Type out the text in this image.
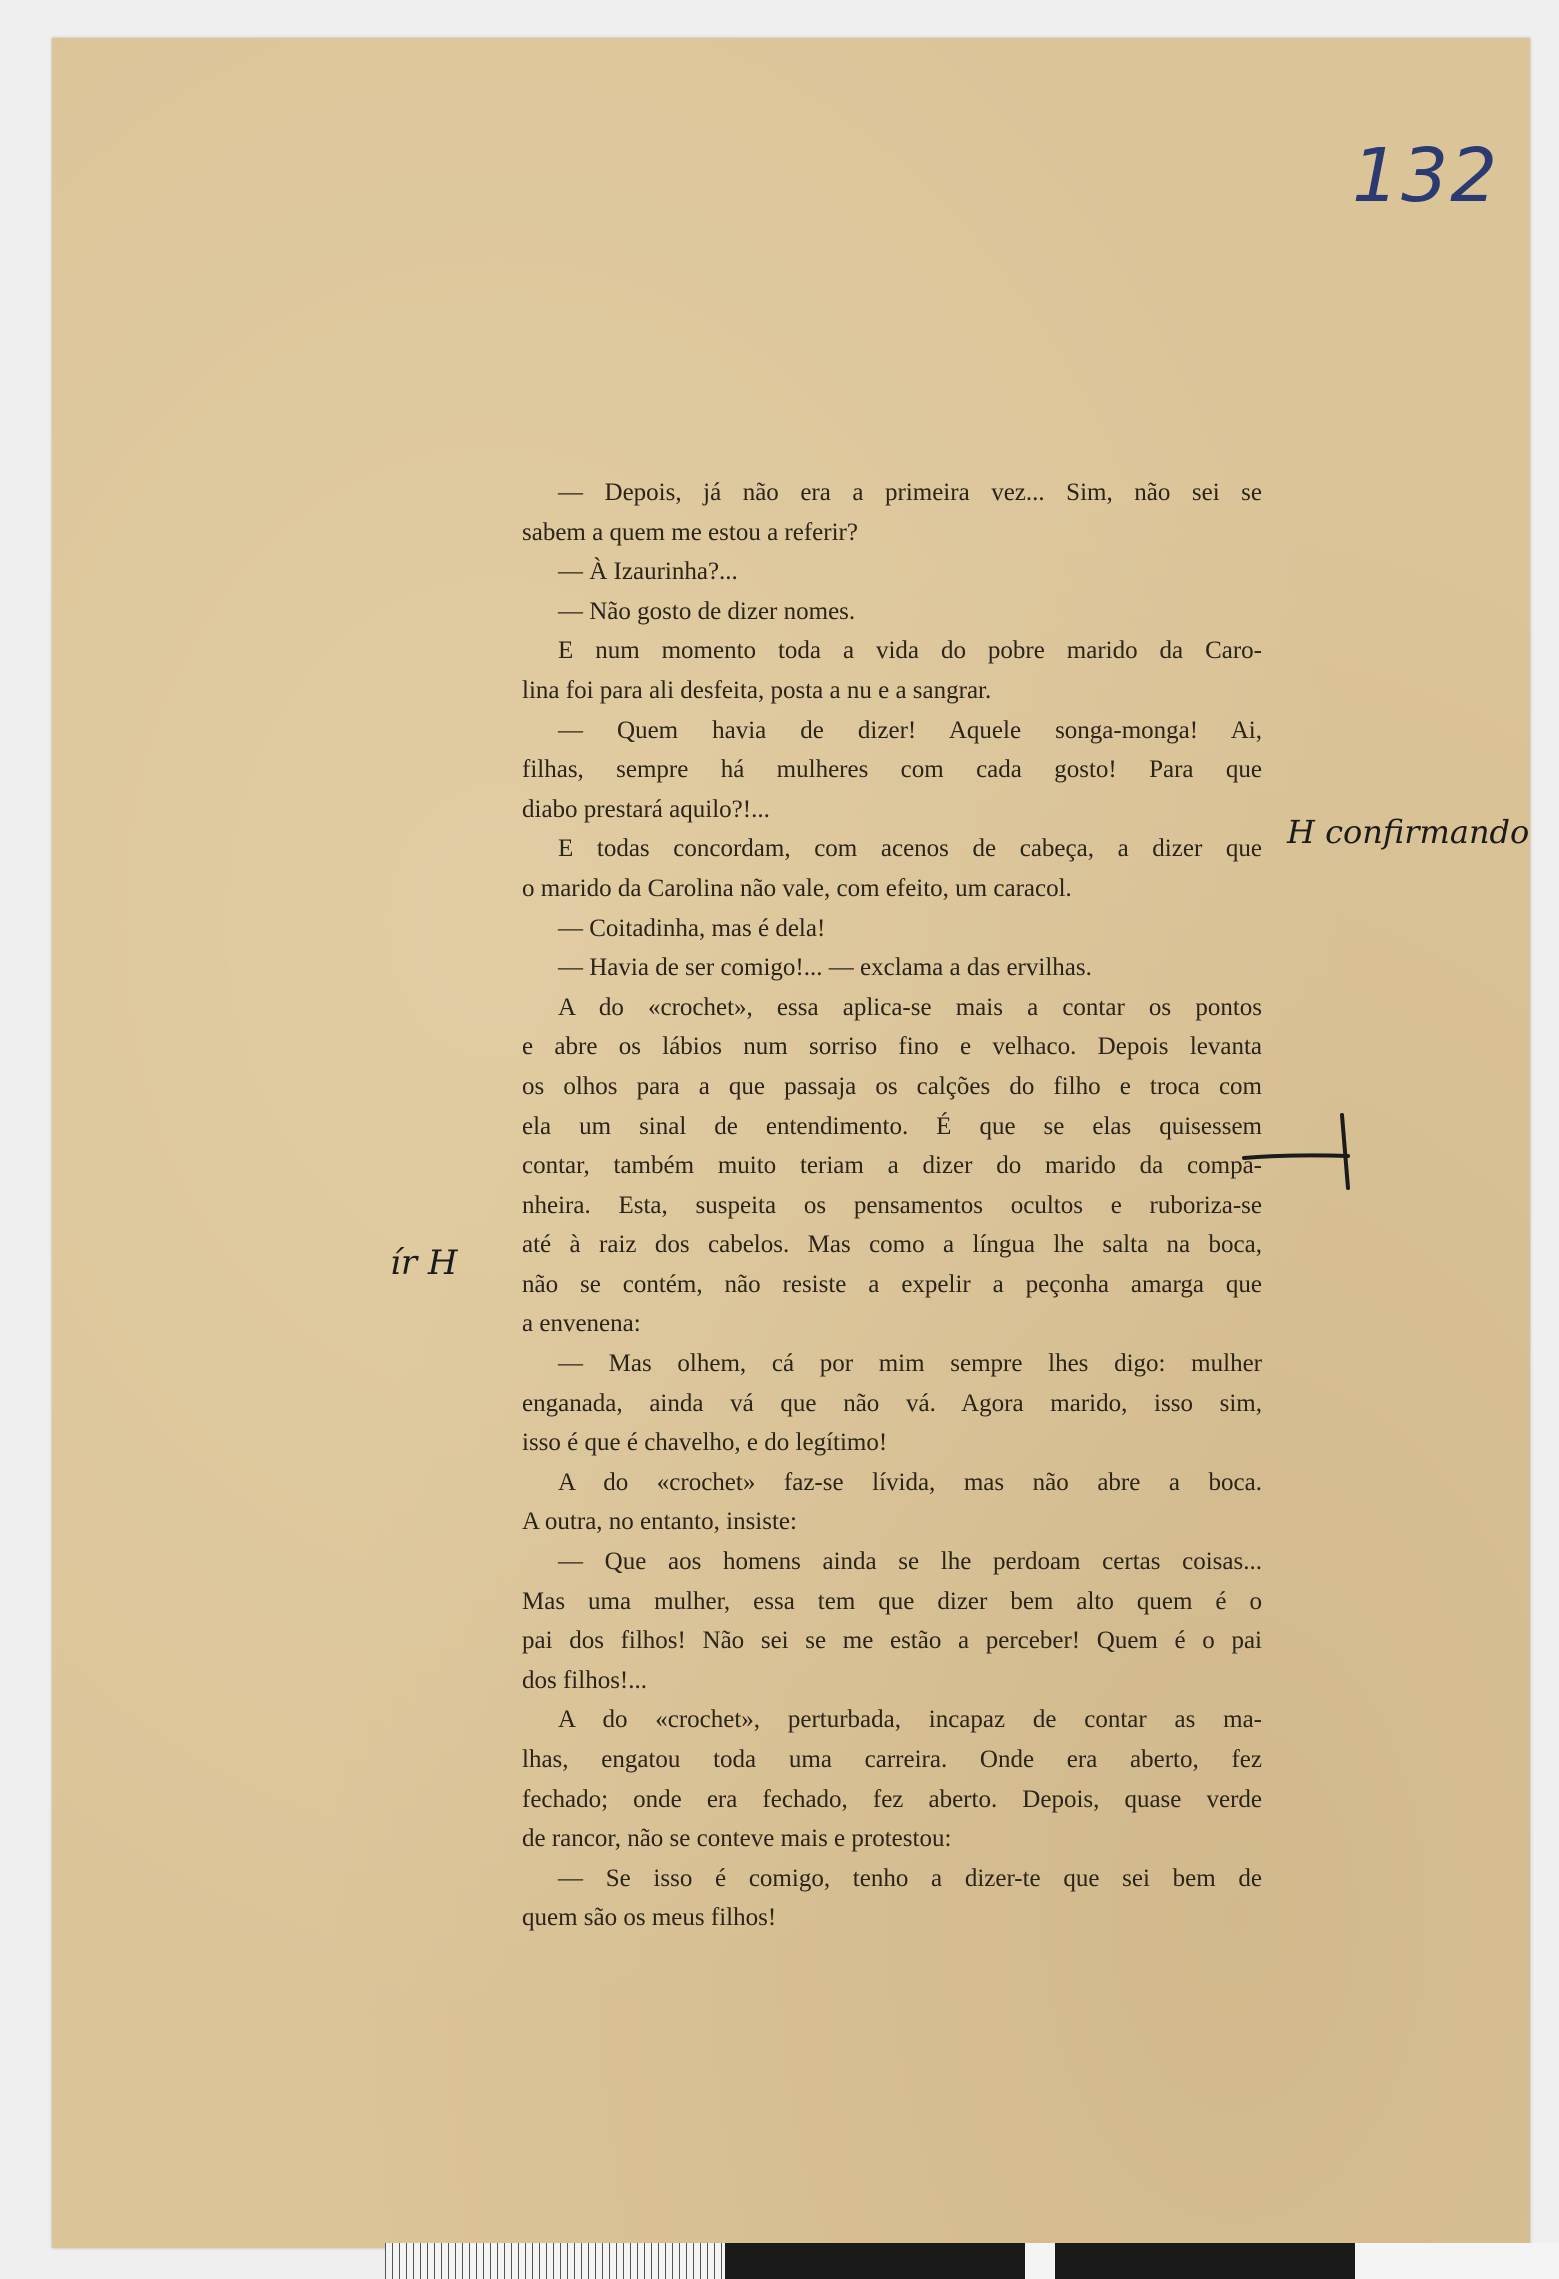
132
— Depois, já não era a primeira vez... Sim, não sei se
sabem a quem me estou a referir?
— À Izaurinha?...
— Não gosto de dizer nomes.
E num momento toda a vida do pobre marido da Caro-
lina foi para ali desfeita, posta a nu e a sangrar.
— Quem havia de dizer! Aquele songa-monga! Ai,
filhas, sempre há mulheres com cada gosto! Para que
diabo prestará aquilo?!...
E todas concordam, com acenos de cabeça, a dizer que
o marido da Carolina não vale, com efeito, um caracol.
— Coitadinha, mas é dela!
— Havia de ser comigo!... — exclama a das ervilhas.
A do «crochet», essa aplica-se mais a contar os pontos
e abre os lábios num sorriso fino e velhaco. Depois levanta
os olhos para a que passaja os calções do filho e troca com
ela um sinal de entendimento. É que se elas quisessem
contar, também muito teriam a dizer do marido da compa-
nheira. Esta, suspeita os pensamentos ocultos e ruboriza-se
até à raiz dos cabelos. Mas como a língua lhe salta na boca,
não se contém, não resiste a expelir a peçonha amarga que
a envenena:
— Mas olhem, cá por mim sempre lhes digo: mulher
enganada, ainda vá que não vá. Agora marido, isso sim,
isso é que é chavelho, e do legítimo!
A do «crochet» faz-se lívida, mas não abre a boca.
A outra, no entanto, insiste:
— Que aos homens ainda se lhe perdoam certas coisas...
Mas uma mulher, essa tem que dizer bem alto quem é o
pai dos filhos! Não sei se me estão a perceber! Quem é o pai
dos filhos!...
A do «crochet», perturbada, incapaz de contar as ma-
lhas, engatou toda uma carreira. Onde era aberto, fez
fechado; onde era fechado, fez aberto. Depois, quase verde
de rancor, não se conteve mais e protestou:
— Se isso é comigo, tenho a dizer-te que sei bem de
quem são os meus filhos!
H confirmando
ír H
